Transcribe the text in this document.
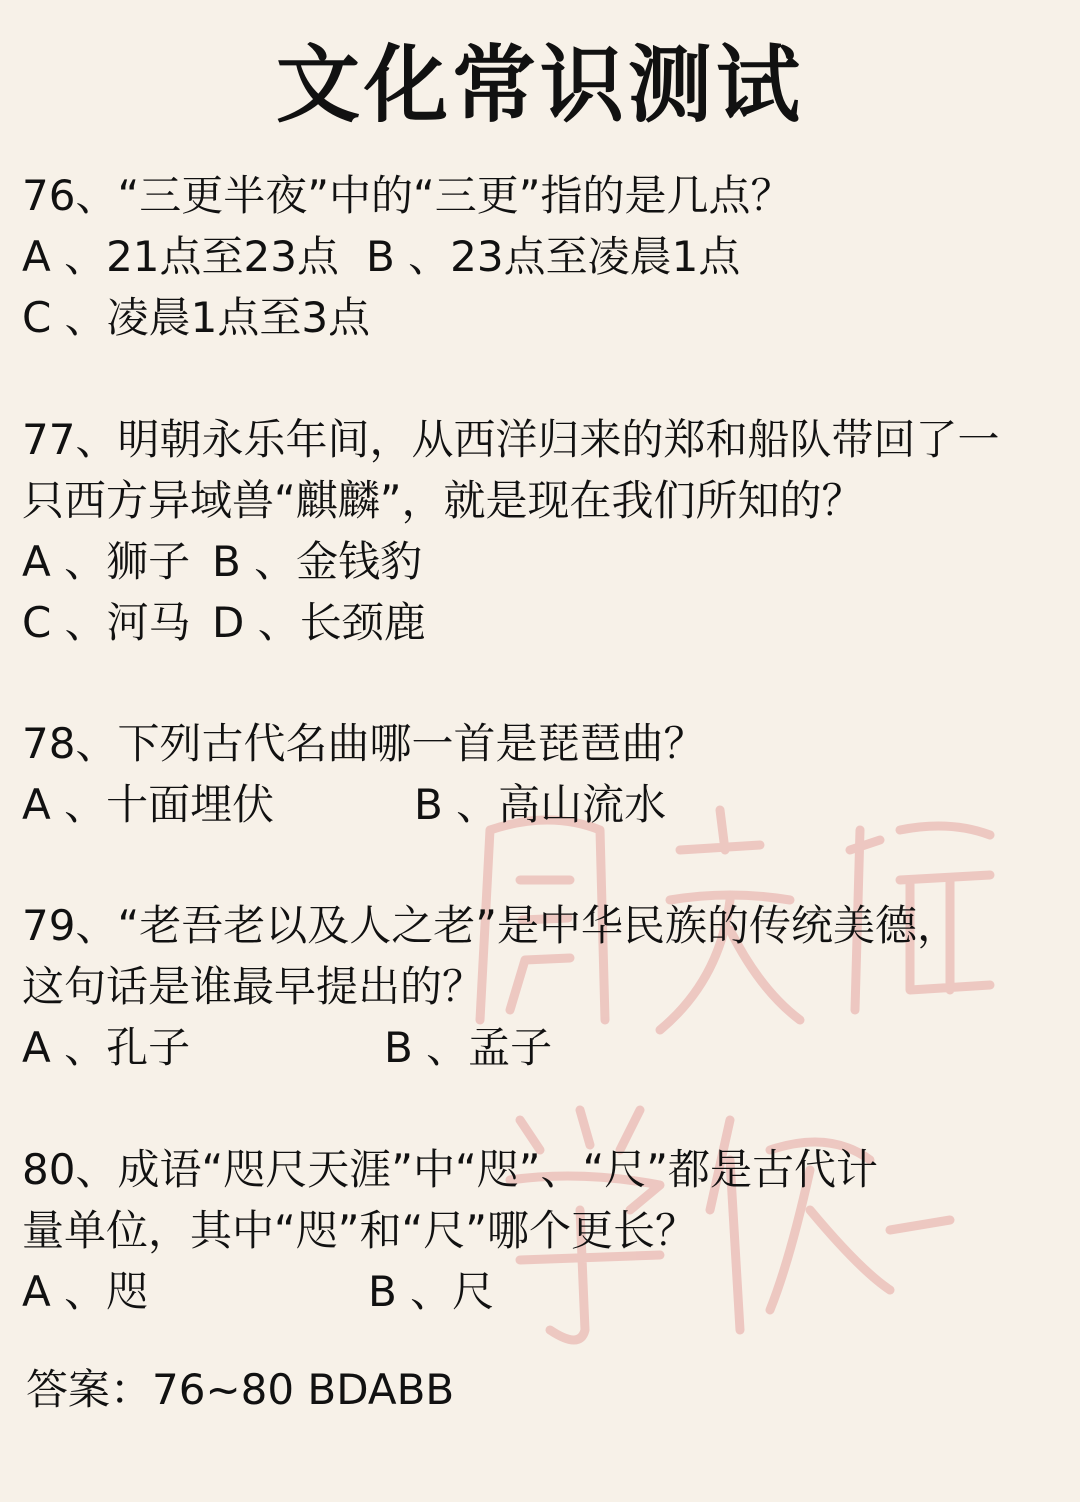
文化常识测试
76、“三更半夜”中的“三更”指的是几点？

A 、21点至23点

B 、23点至凌晨1点

C 、凌晨1点至3点
77、明朝永乐年间，从西洋归来的郑和船队带回了一
只西方异域兽“麒麟”，就是现在我们所知的？

A 、狮子

B 、金钱豹

C 、河马

D 、长颈鹿

78、下列古代名曲哪一首是琵琶曲？

A 、十面埋伏

	B 、高山流水

79、“老吾老以及人之老”是中华民族的传统美德，
这句话是谁最早提出的？

A 、孔子

	B 、孟子

80、成语“咫尺天涯”中“咫”、“尺”都是古代计
量单位，其中“咫”和“尺”哪个更长？

A 、咫

	B 、尺

答案：76~80 BDABB
